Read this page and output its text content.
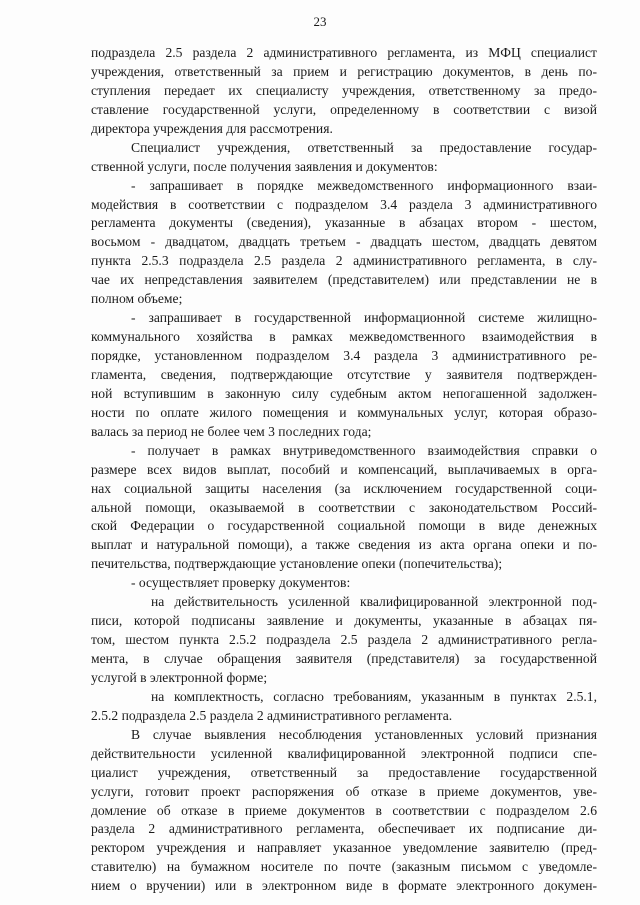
23
подраздела 2.5 раздела 2 административного регламента, из МФЦ специалист
учреждения, ответственный за прием и регистрацию документов, в день по-
ступления передает их специалисту учреждения, ответственному за предо-
ставление государственной услуги, определенному в соответствии с визой
директора учреждения для рассмотрения.
Специалист учреждения, ответственный за предоставление государ-
ственной услуги, после получения заявления и документов:
- запрашивает в порядке межведомственного информационного взаи-
модействия в соответствии с подразделом 3.4 раздела 3 административного
регламента документы (сведения), указанные в абзацах втором - шестом,
восьмом - двадцатом, двадцать третьем - двадцать шестом, двадцать девятом
пункта 2.5.3 подраздела 2.5 раздела 2 административного регламента, в слу-
чае их непредставления заявителем (представителем) или представлении не в
полном объеме;
- запрашивает в государственной информационной системе жилищно-
коммунального хозяйства в рамках межведомственного взаимодействия в
порядке, установленном подразделом 3.4 раздела 3 административного ре-
гламента, сведения, подтверждающие отсутствие у заявителя подтвержден-
ной вступившим в законную силу судебным актом непогашенной задолжен-
ности по оплате жилого помещения и коммунальных услуг, которая образо-
валась за период не более чем 3 последних года;
- получает в рамках внутриведомственного взаимодействия справки о
размере всех видов выплат, пособий и компенсаций, выплачиваемых в орга-
нах социальной защиты населения (за исключением государственной соци-
альной помощи, оказываемой в соответствии с законодательством Россий-
ской Федерации о государственной социальной помощи в виде денежных
выплат и натуральной помощи), а также сведения из акта органа опеки и по-
печительства, подтверждающие установление опеки (попечительства);
- осуществляет проверку документов:
на действительность усиленной квалифицированной электронной под-
писи, которой подписаны заявление и документы, указанные в абзацах пя-
том, шестом пункта 2.5.2 подраздела 2.5 раздела 2 административного регла-
мента, в случае обращения заявителя (представителя) за государственной
услугой в электронной форме;
на комплектность, согласно требованиям, указанным в пунктах 2.5.1,
2.5.2 подраздела 2.5 раздела 2 административного регламента.
В случае выявления несоблюдения установленных условий признания
действительности усиленной квалифицированной электронной подписи спе-
циалист учреждения, ответственный за предоставление государственной
услуги, готовит проект распоряжения об отказе в приеме документов, уве-
домление об отказе в приеме документов в соответствии с подразделом 2.6
раздела 2 административного регламента, обеспечивает их подписание ди-
ректором учреждения и направляет указанное уведомление заявителю (пред-
ставителю) на бумажном носителе по почте (заказным письмом с уведомле-
нием о вручении) или в электронном виде в формате электронного докумен-
